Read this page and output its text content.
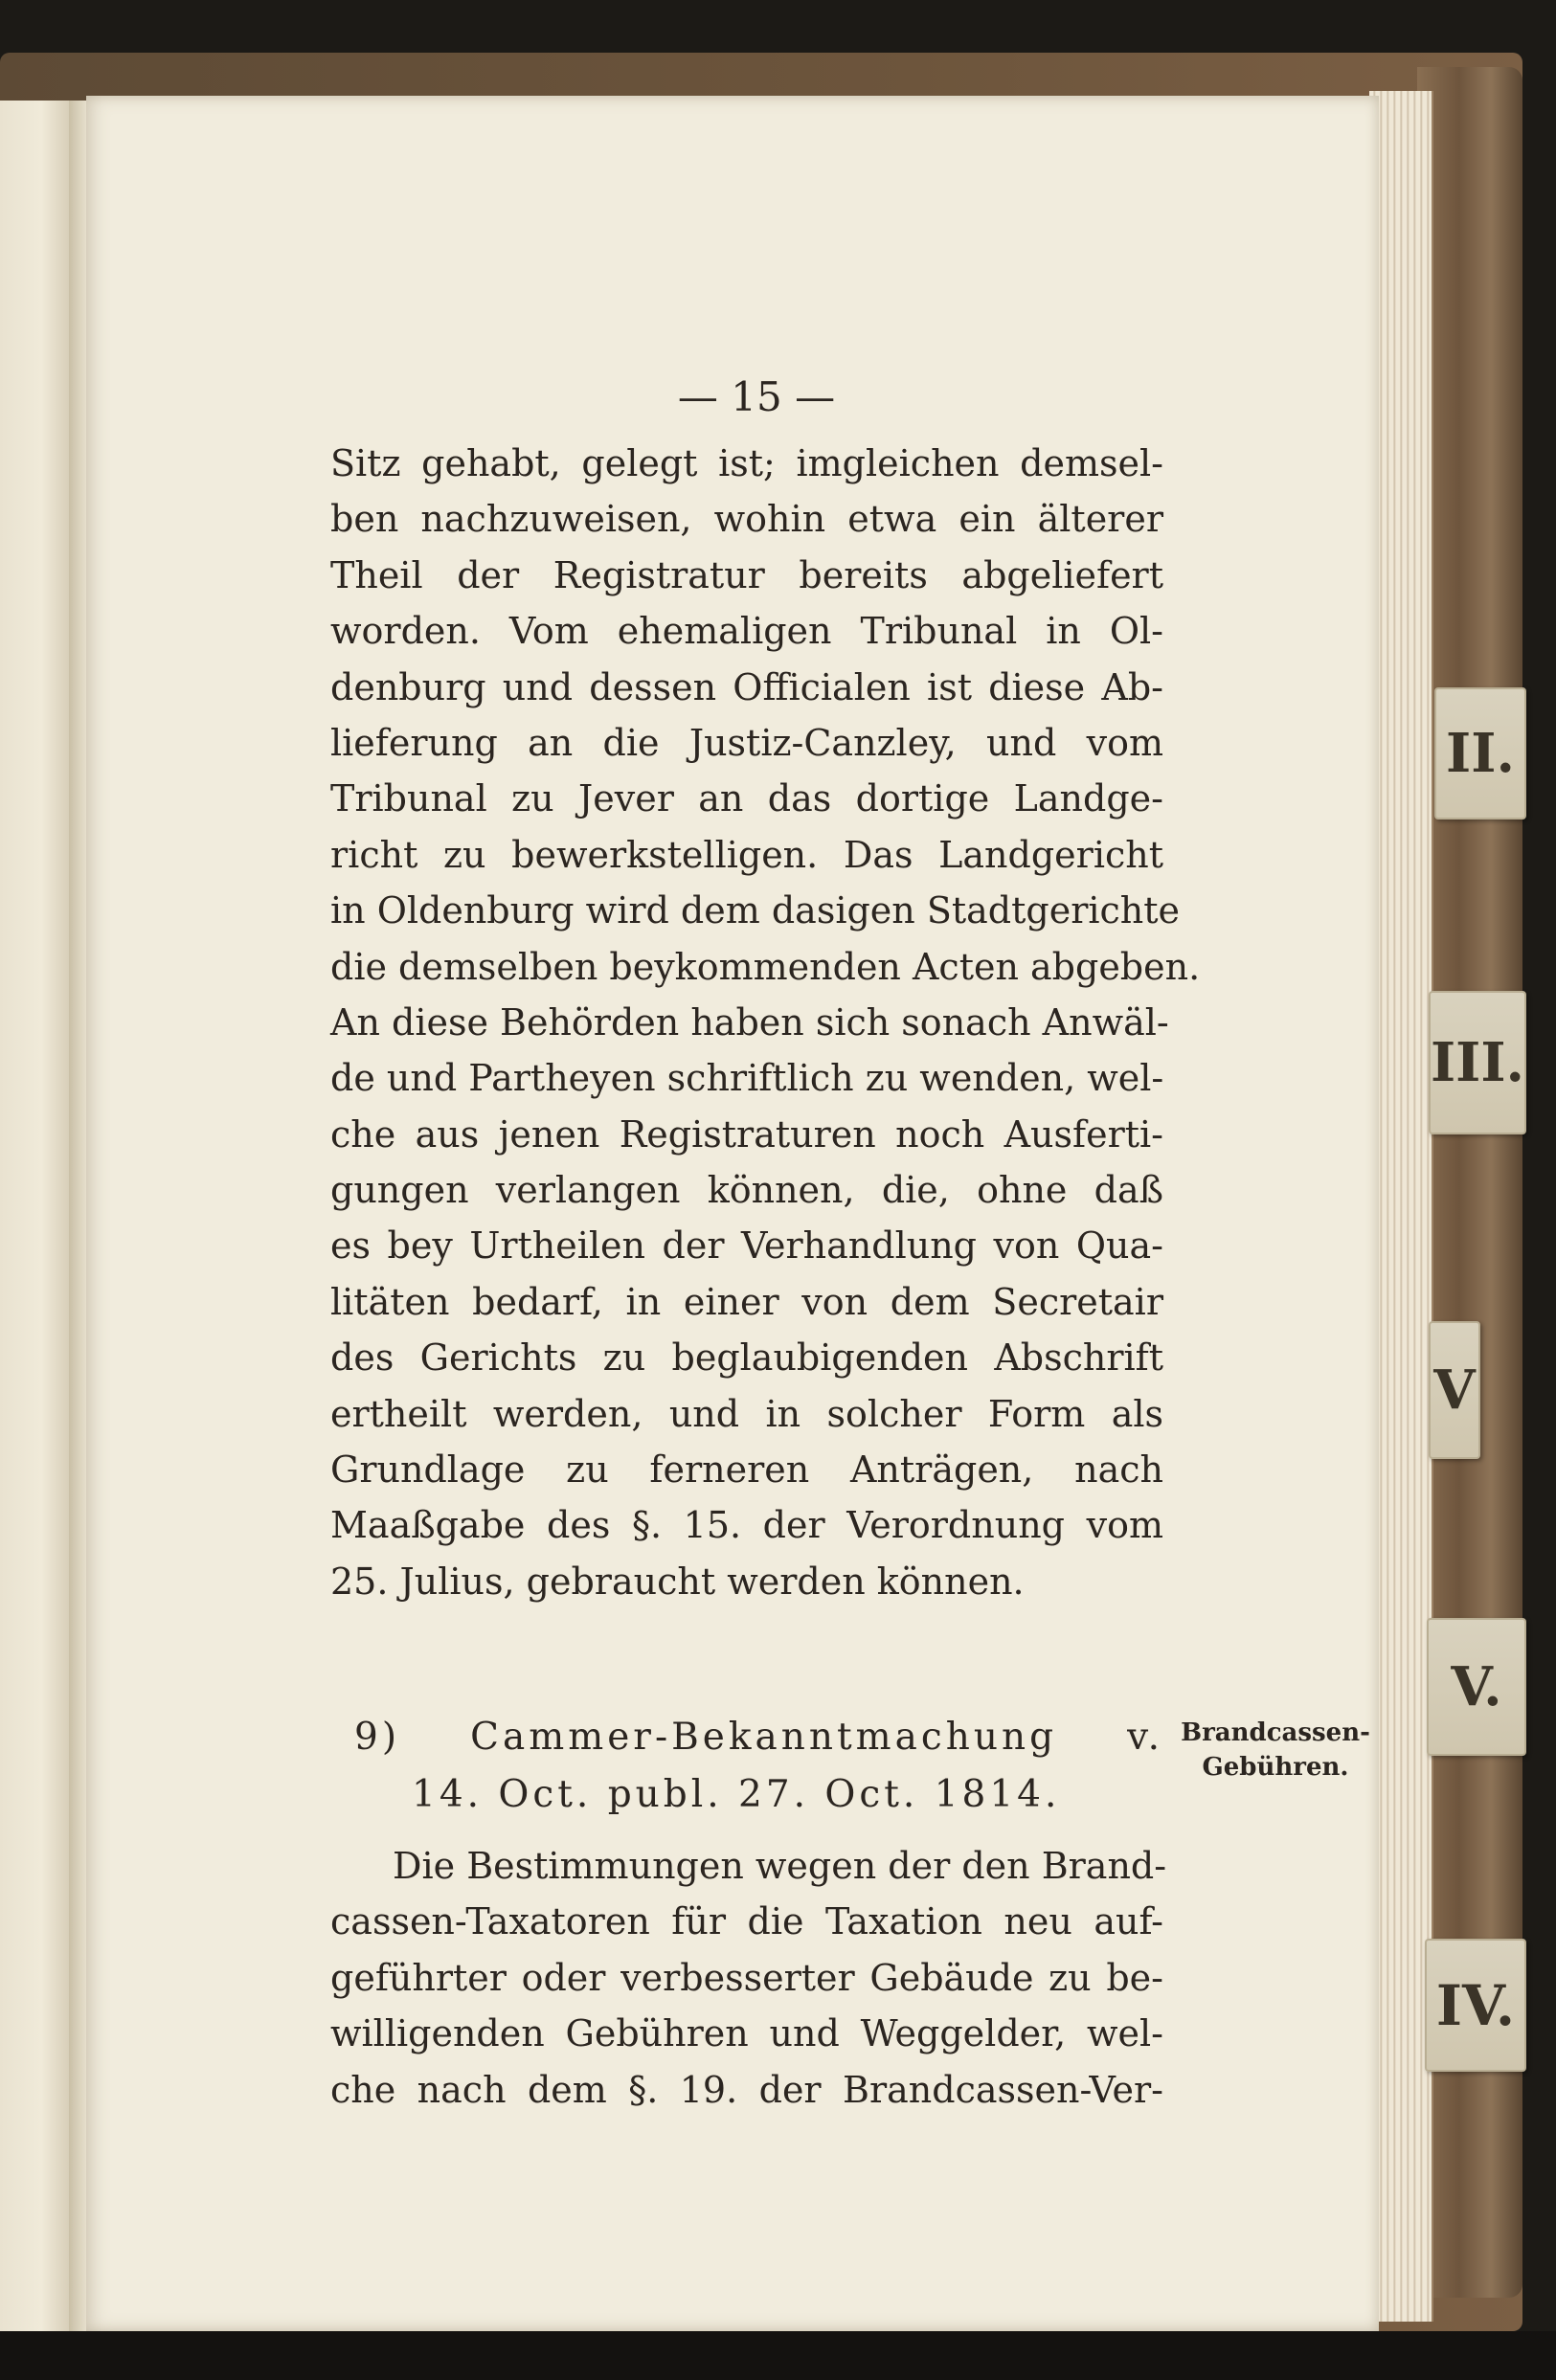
— 15 —
Sitz gehabt, gelegt ist; imgleichen demsel-
ben nachzuweisen, wohin etwa ein älterer
Theil der Registratur bereits abgeliefert
worden. Vom ehemaligen Tribunal in Ol-
denburg und dessen Officialen ist diese Ab-
lieferung an die Justiz-Canzley, und vom
Tribunal zu Jever an das dortige Landge-
richt zu bewerkstelligen. Das Landgericht
in Oldenburg wird dem dasigen Stadtgerichte
die demselben beykommenden Acten abgeben.
An diese Behörden haben sich sonach Anwäl-
de und Partheyen schriftlich zu wenden, wel-
che aus jenen Registraturen noch Ausferti-
gungen verlangen können, die, ohne daß
es bey Urtheilen der Verhandlung von Qua-
litäten bedarf, in einer von dem Secretair
des Gerichts zu beglaubigenden Abschrift
ertheilt werden, und in solcher Form als
Grundlage zu ferneren Anträgen, nach
Maaßgabe des §. 15. der Verordnung vom
25. Julius, gebraucht werden können.
9) Cammer-Bekanntmachung v.
14. Oct. publ. 27. Oct. 1814.
Brandcassen-
Gebühren.
Die Bestimmungen wegen der den Brand-
cassen-Taxatoren für die Taxation neu auf-
geführter oder verbesserter Gebäude zu be-
willigenden Gebühren und Weggelder, wel-
che nach dem §. 19. der Brandcassen-Ver-
II.
III.
V
V.
IV.
